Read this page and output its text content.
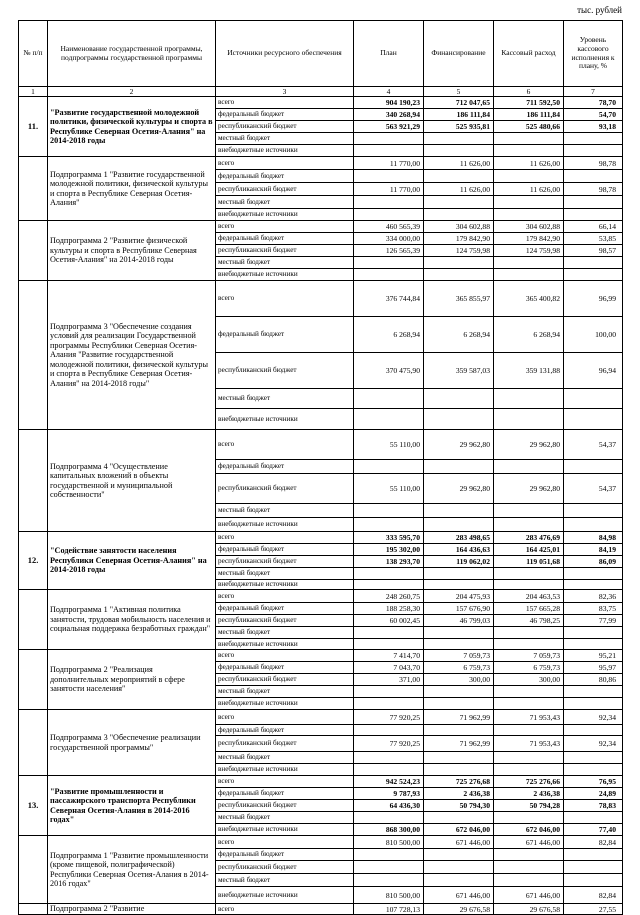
тыс. рублей
№ п/п	Наименование государственной программы, подпрограммы государственной программы	Источники ресурсного обеспечения	План	Финансирование	Кассовый расход	Уровень кассового исполнения к плану, %
1	2	3	4	5	6	7
11.	"Развитие государственной молодежной политики, физической культуры и спорта в Республике Северная Осетия-Алания" на 2014-2018 годы	всего	904 190,23	712 047,65	711 592,50	78,70
		федеральный бюджет	340 268,94	186 111,84	186 111,84	54,70
		республиканский бюджет	563 921,29	525 935,81	525 480,66	93,18
		местный бюджет				
		внебюджетные источники				
	Подпрограмма 1 "Развитие государственной молодежной политики, физической культуры и спорта в Республике Северная Осетия-Алания"	всего	11 770,00	11 626,00	11 626,00	98,78
		федеральный бюджет				
		республиканский бюджет	11 770,00	11 626,00	11 626,00	98,78
		местный бюджет				
		внебюджетные источники				
	Подпрограмма 2 "Развитие физической культуры и спорта в Республике Северная Осетия-Алания" на 2014-2018 годы	всего	460 565,39	304 602,88	304 602,88	66,14
		федеральный бюджет	334 000,00	179 842,90	179 842,90	53,85
		республиканский бюджет	126 565,39	124 759,98	124 759,98	98,57
		местный бюджет				
		внебюджетные источники				
	Подпрограмма 3 "Обеспечение создания условий для реализации Государственной программы Республики Северная Осетия-Алания "Развитие государственной молодежной политики, физической культуры и спорта в Республике Северная Осетия-Алания" на 2014-2018 годы"	всего	376 744,84	365 855,97	365 400,82	96,99
		федеральный бюджет	6 268,94	6 268,94	6 268,94	100,00
		республиканский бюджет	370 475,90	359 587,03	359 131,88	96,94
		местный бюджет				
		внебюджетные источники				
	Подпрограмма 4 "Осуществление капитальных вложений в объекты государственной и муниципальной собственности"	всего	55 110,00	29 962,80	29 962,80	54,37
		федеральный бюджет				
		республиканский бюджет	55 110,00	29 962,80	29 962,80	54,37
		местный бюджет				
		внебюджетные источники				
12.	"Содействие занятости населения Республики Северная Осетия-Алания" на 2014-2018 годы	всего	333 595,70	283 498,65	283 476,69	84,98
		федеральный бюджет	195 302,00	164 436,63	164 425,01	84,19
		республиканский бюджет	138 293,70	119 062,02	119 051,68	86,09
		местный бюджет				
		внебюджетные источники				
	Подпрограмма 1 "Активная политика занятости, трудовая мобильность населения и социальная поддержка безработных граждан"	всего	248 260,75	204 475,93	204 463,53	82,36
		федеральный бюджет	188 258,30	157 676,90	157 665,28	83,75
		республиканский бюджет	60 002,45	46 799,03	46 798,25	77,99
		местный бюджет				
		внебюджетные источники				
	Подпрограмма 2 "Реализация дополнительных мероприятий в сфере занятости населения"	всего	7 414,70	7 059,73	7 059,73	95,21
		федеральный бюджет	7 043,70	6 759,73	6 759,73	95,97
		республиканский бюджет	371,00	300,00	300,00	80,86
		местный бюджет				
		внебюджетные источники				
	Подпрограмма 3 "Обеспечение реализации государственной программы"	всего	77 920,25	71 962,99	71 953,43	92,34
		федеральный бюджет				
		республиканский бюджет	77 920,25	71 962,99	71 953,43	92,34
		местный бюджет				
		внебюджетные источники				
13.	"Развитие промышленности и пассажирского транспорта Республики Северная Осетия-Алания в 2014-2016 годах"	всего	942 524,23	725 276,68	725 276,66	76,95
		федеральный бюджет	9 787,93	2 436,38	2 436,38	24,89
		республиканский бюджет	64 436,30	50 794,30	50 794,28	78,83
		местный бюджет				
		внебюджетные источники	868 300,00	672 046,00	672 046,00	77,40
	Подпрограмма 1 "Развитие промышленности (кроме пищевой, полиграфической) Республики Северная Осетия-Алания в 2014-2016 годах"	всего	810 500,00	671 446,00	671 446,00	82,84
		федеральный бюджет				
		республиканский бюджет				
		местный бюджет				
		внебюджетные источники	810 500,00	671 446,00	671 446,00	82,84
	Подпрограмма 2 "Развитие	всего	107 728,13	29 676,58	29 676,58	27,55
